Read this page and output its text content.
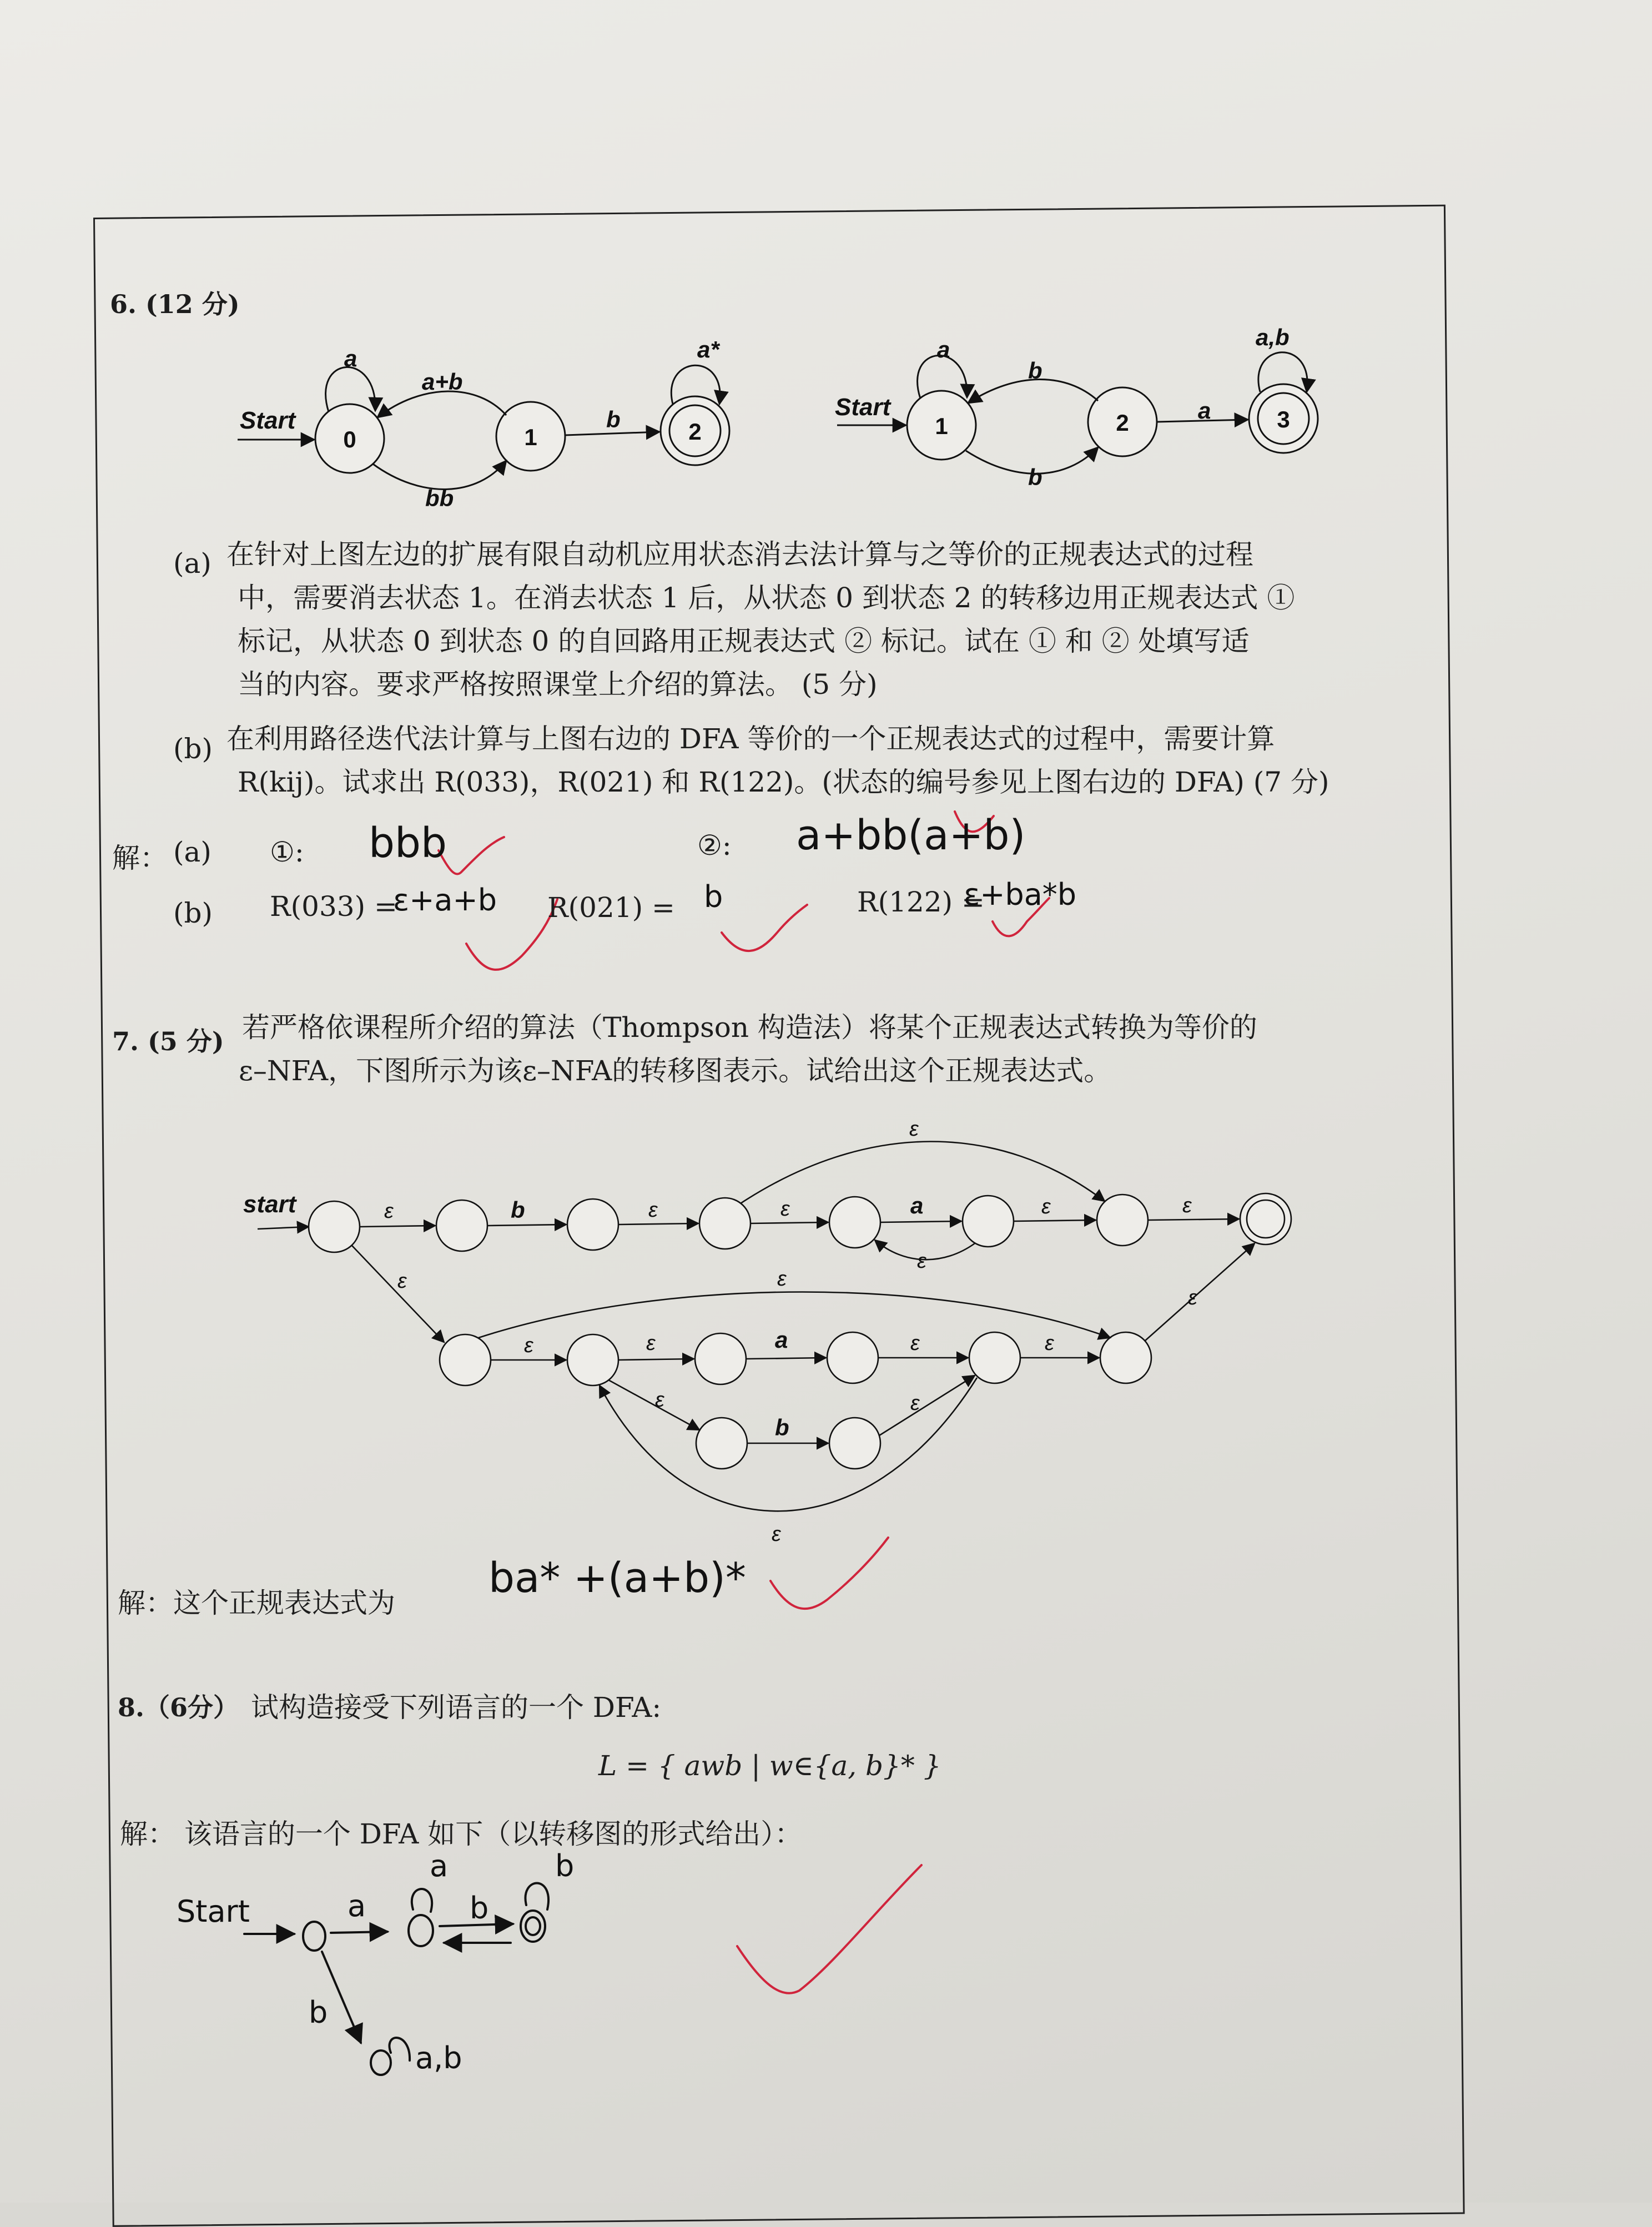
6. (12 分)
Start
0	1	2
a
a+b
bb
b
a*
Start
1	2	3
a
b
b
a
a,b
start	ε	b	ε	ε	a	ε	ε
ε
ε
ε	ε
ε	ε	a	ε	ε
ε
b
ε
ε
ε
(a) 在针对上图左边的扩展有限自动机应用状态消去法计算与之等价的正规表达式的过程
中，需要消去状态 1。在消去状态 1 后，从状态 0 到状态 2 的转移边用正规表达式 ①
标记，从状态 0 到状态 0 的自回路用正规表达式 ② 标记。试在 ① 和 ② 处填写适
当的内容。要求严格按照课堂上介绍的算法。 (5 分)
(b) 在利用路径迭代法计算与上图右边的 DFA 等价的一个正规表达式的过程中，需要计算
R(kij)。试求出 R(033)，R(021) 和 R(122)。(状态的编号参见上图右边的 DFA) (7 分)
解： (a) ①: bbb	②: a+bb(a+b)
(b) R(033) =
ε+a+b R(021) = b	R(122) =
ε+ba*b
7. (5 分) 若严格依课程所介绍的算法（Thompson 构造法）将某个正规表达式转换为等价的
ε–NFA，下图所示为该ε–NFA的转移图表示。试给出这个正规表达式。
解：这个正规表达式为
ba* +(a+b)*
8.（6分） 试构造接受下列语言的一个 DFA:
L = { awb | w∈{a, b}* }
解： 该语言的一个 DFA 如下（以转移图的形式给出）：
Start	a	b
b
a
b
a,b
